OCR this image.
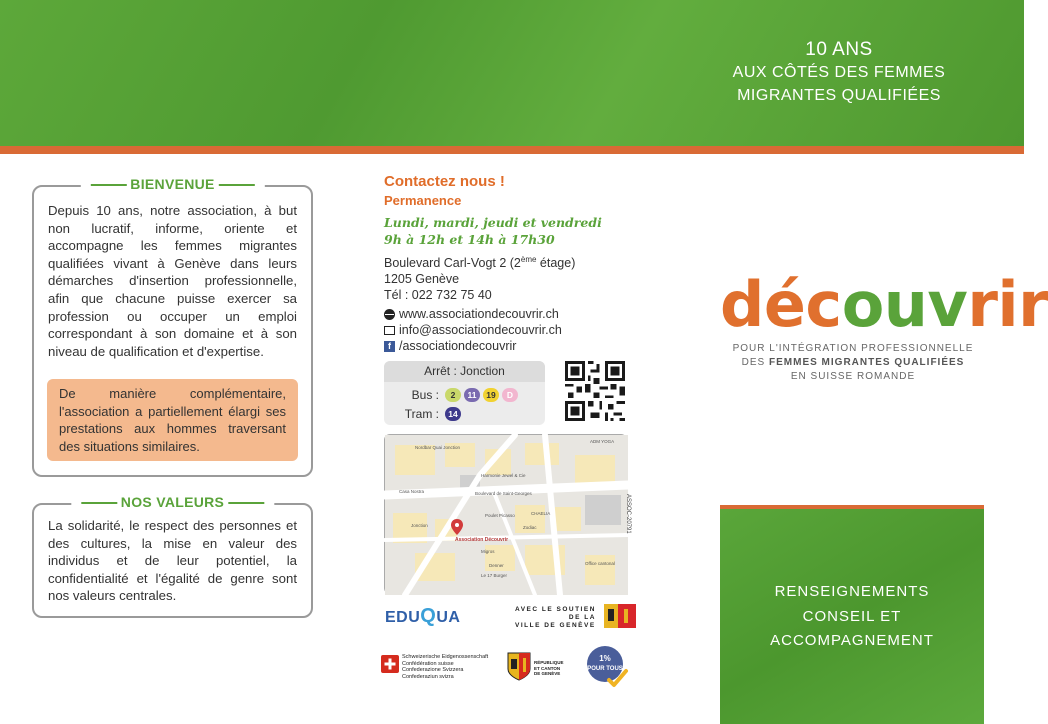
10 ANS
AUX CÔTÉS DES FEMMES
MIGRANTES QUALIFIÉES
BIENVENUE

Depuis 10 ans, notre association, à but non lucratif, informe, oriente et accompagne les femmes migrantes qualifiées vivant à Genève dans leurs démarches d'insertion professionnelle, afin que chacune puisse exercer sa profession ou occuper un emploi correspondant à son domaine et à son niveau de qualification et d'expertise.

De manière complémentaire, l'association a partiellement élargi ses prestations aux hommes traversant des situations similaires.

NOS VALEURS

La solidarité, le respect des personnes et des cultures, la mise en valeur des individus et de leur potentiel, la confidentialité et l'égalité de genre sont nos valeurs centrales.

Contactez nous !
Permanence
Lundi, mardi, jeudi et vendredi
9h à 12h et 14h à 17h30
Boulevard Carl-Vogt 2 (2ème étage)
1205 Genève
Tél : 022 732 75 40
www.associationdecouvrir.ch
info@associationdecouvrir.ch
f /associationdecouvrir
Arrêt : Jonction
Bus :	2 11 19 D
Tram :	14
Nordbar Quai Jonction
Harmonie Jewel & Cie
Casa Nostra	Boulevard de Saint-Georges
Poulet Picasso	CHAELIA
Zodiac
Migros
Denner
Le 17 Burger
Office cantonal
ADM YOGA
Jonction
Association Découvrir
ASSOC-20791
EDUQUA	AVEC LE SOUTIEN
DE LA
VILLE DE GENÈVE
Schweizerische Eidgenossenschaft
Confédération suisse
Confederazione Svizzera
Confederaziun svizra
RÉPUBLIQUE
ET CANTON
DE GENÈVE
1%
POUR TOUS
découvrir
POUR L'INTÉGRATION PROFESSIONNELLE
DES FEMMES MIGRANTES QUALIFIÉES
EN SUISSE ROMANDE
RENSEIGNEMENTS
CONSEIL ET
ACCOMPAGNEMENT
